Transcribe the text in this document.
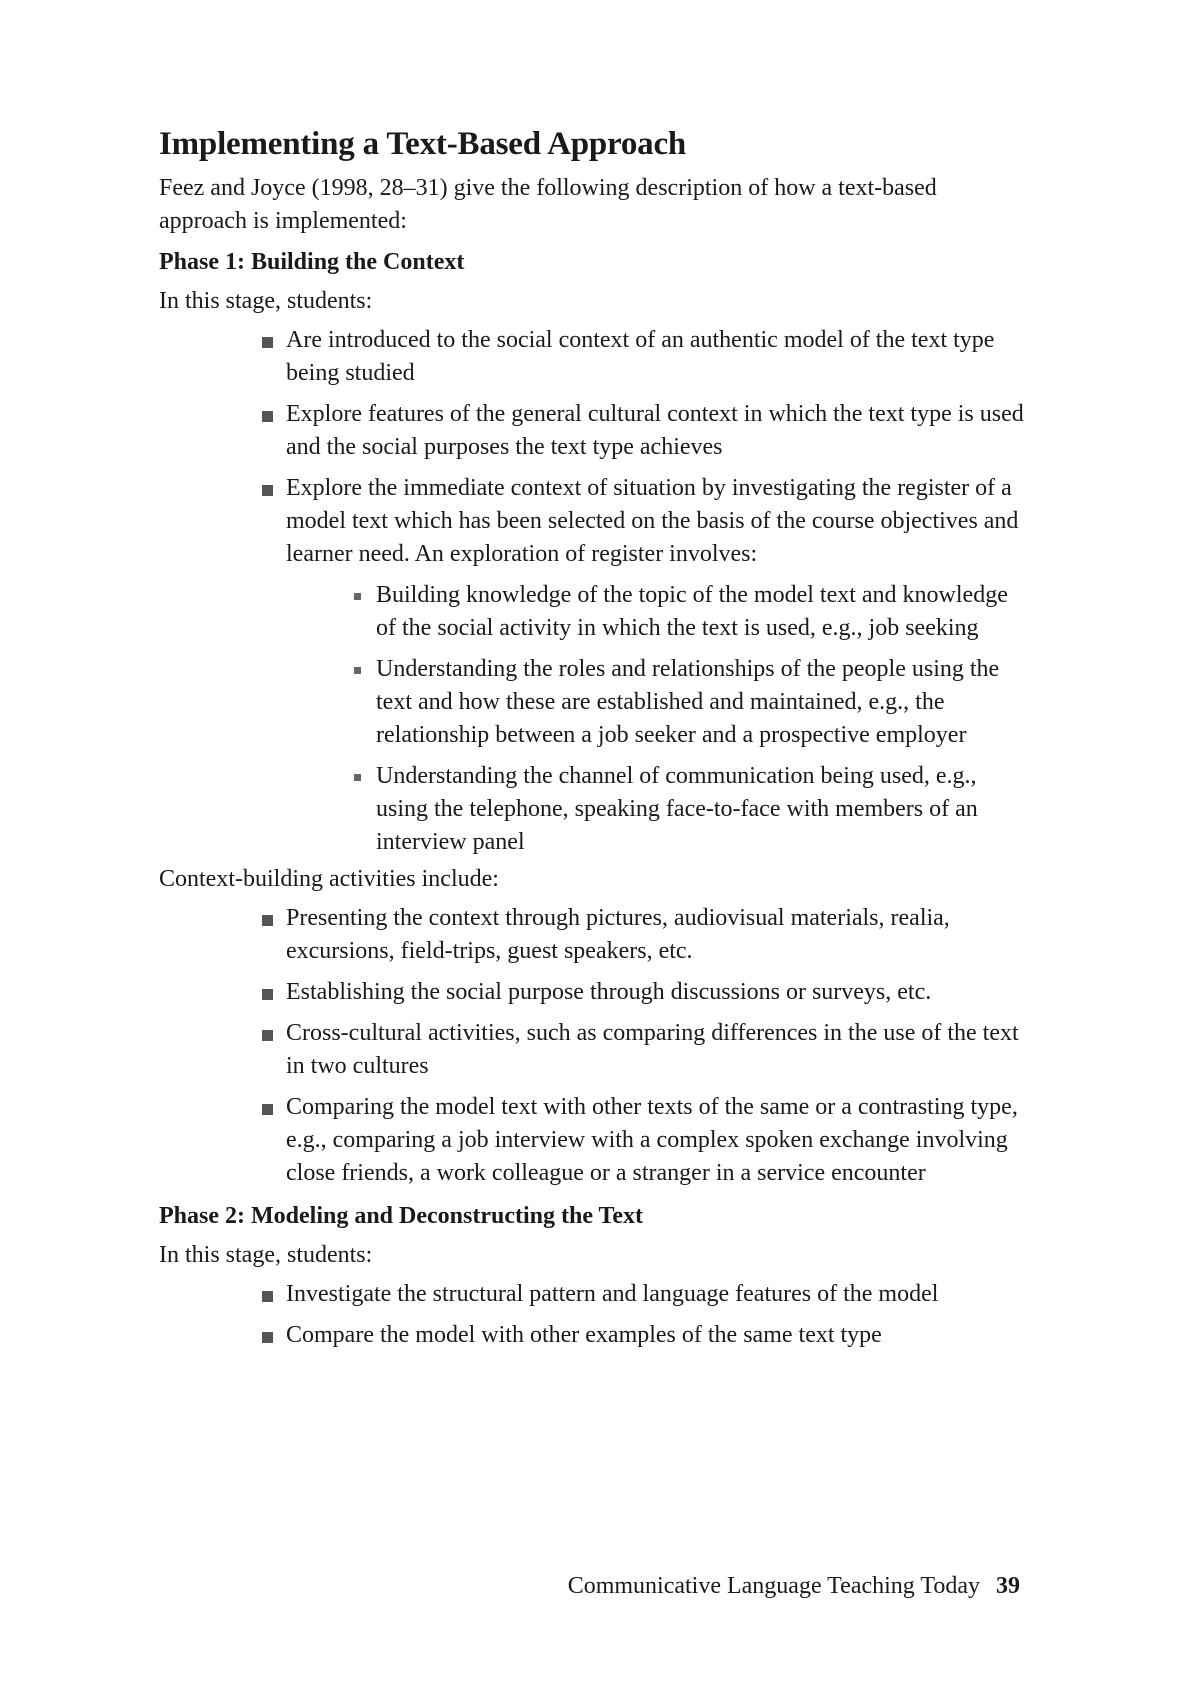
Implementing a Text-Based Approach

Feez and Joyce (1998, 28–31) give the following description of how a text-based approach is implemented:

Phase 1: Building the Context

In this stage, students:

Are introduced to the social context of an authentic model of the text type being studied
Explore features of the general cultural context in which the text type is used and the social purposes the text type achieves
Explore the immediate context of situation by investigating the register of a model text which has been selected on the basis of the course objectives and learner need. An exploration of register involves:
Building knowledge of the topic of the model text and knowledge of the social activity in which the text is used, e.g., job seeking
Understanding the roles and relationships of the people using the text and how these are established and maintained, e.g., the relationship between a job seeker and a prospective employer
Understanding the channel of communication being used, e.g., using the telephone, speaking face-to-face with members of an interview panel

Context-building activities include:

Presenting the context through pictures, audiovisual materials, realia, excursions, field-trips, guest speakers, etc.
Establishing the social purpose through discussions or surveys, etc.
Cross-cultural activities, such as comparing differences in the use of the text in two cultures
Comparing the model text with other texts of the same or a contrasting type, e.g., comparing a job interview with a complex spoken exchange involving close friends, a work colleague or a stranger in a service encounter
Phase 2: Modeling and Deconstructing the Text

In this stage, students:

Investigate the structural pattern and language features of the model
Compare the model with other examples of the same text type
Communicative Language Teaching Today 39
